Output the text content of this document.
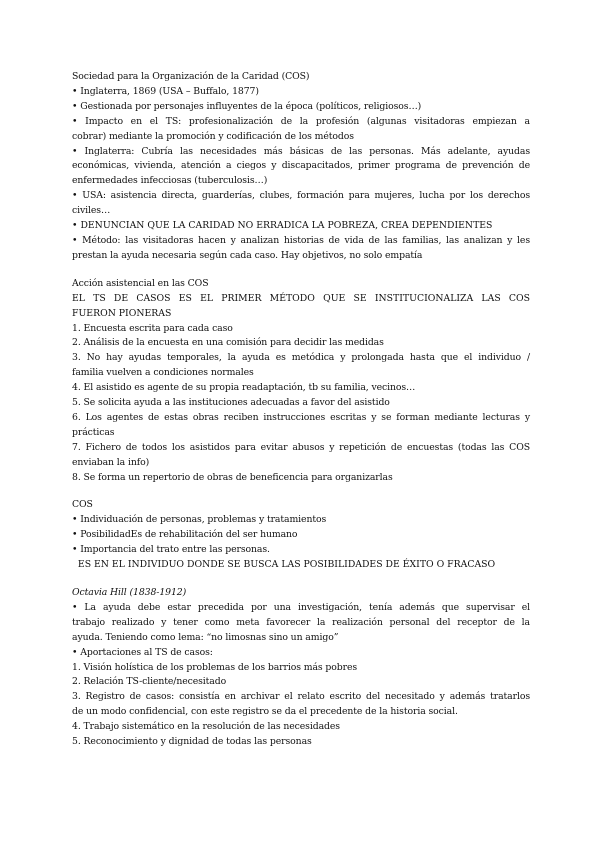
Sociedad para la Organización de la Caridad (COS)
• Inglaterra, 1869 (USA – Buffalo, 1877)
• Gestionada por personajes influyentes de la época (políticos, religiosos…)
• Impacto en el TS: profesionalización de la profesión (algunas visitadoras empiezan a
cobrar) mediante la promoción y codificación de los métodos
• Inglaterra: Cubría las necesidades más básicas de las personas. Más adelante, ayudas
económicas, vivienda, atención a ciegos y discapacitados, primer programa de prevención de
enfermedades infecciosas (tuberculosis…)
• USA: asistencia directa, guarderías, clubes, formación para mujeres, lucha por los derechos
civiles…
• DENUNCIAN QUE LA CARIDAD NO ERRADICA LA POBREZA, CREA DEPENDIENTES
• Método: las visitadoras hacen y analizan historias de vida de las familias, las analizan y les
prestan la ayuda necesaria según cada caso. Hay objetivos, no solo empatía
Acción asistencial en las COS
EL TS DE CASOS ES EL PRIMER MÉTODO QUE SE INSTITUCIONALIZA LAS COS
FUERON PIONERAS
1. Encuesta escrita para cada caso
2. Análisis de la encuesta en una comisión para decidir las medidas
3. No hay ayudas temporales, la ayuda es metódica y prolongada hasta que el individuo /
familia vuelven a condiciones normales
4. El asistido es agente de su propia readaptación, tb su familia, vecinos…
5. Se solicita ayuda a las instituciones adecuadas a favor del asistido
6. Los agentes de estas obras reciben instrucciones escritas y se forman mediante lecturas y
prácticas
7. Fichero de todos los asistidos para evitar abusos y repetición de encuestas (todas las COS
enviaban la info)
8. Se forma un repertorio de obras de beneficencia para organizarlas
COS
• Individuación de personas, problemas y tratamientos
• PosibilidadEs de rehabilitación del ser humano
• Importancia del trato entre las personas.
ES EN EL INDIVIDUO DONDE SE BUSCA LAS POSIBILIDADES DE ÉXITO O FRACASO
Octavia Hill (1838-1912)
• La ayuda debe estar precedida por una investigación, tenía además que supervisar el
trabajo realizado y tener como meta favorecer la realización personal del receptor de la
ayuda. Teniendo como lema: “no limosnas sino un amigo”
• Aportaciones al TS de casos:
1. Visión holística de los problemas de los barrios más pobres
2. Relación TS-cliente/necesitado
3. Registro de casos: consistía en archivar el relato escrito del necesitado y además tratarlos
de un modo confidencial, con este registro se da el precedente de la historia social.
4. Trabajo sistemático en la resolución de las necesidades
5. Reconocimiento y dignidad de todas las personas
